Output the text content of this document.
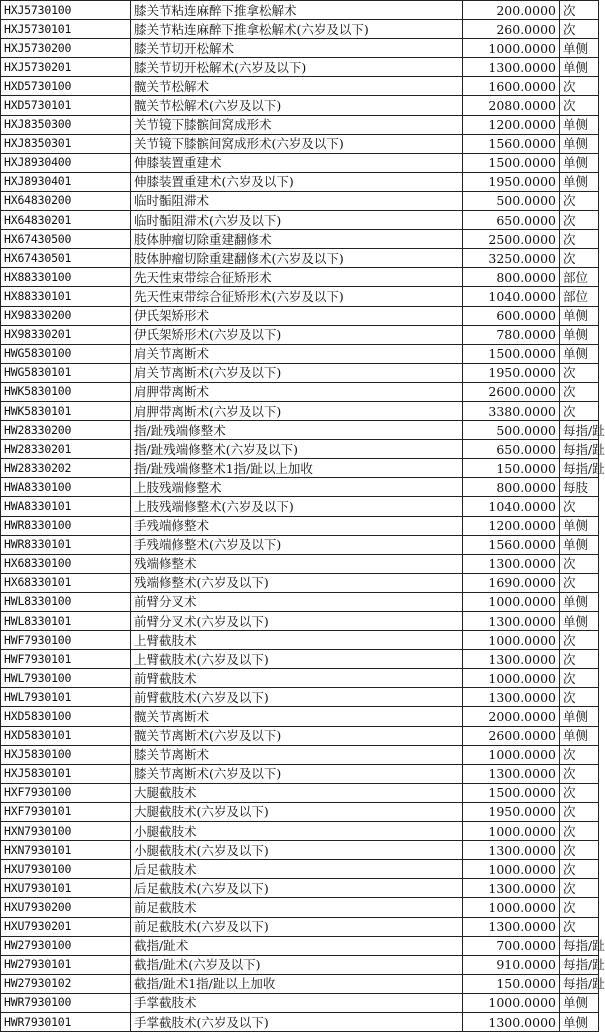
HXJ5730100	膝关节粘连麻醉下推拿松解术	200.0000	次
HXJ5730101	膝关节粘连麻醉下推拿松解术(六岁及以下)	260.0000	次
HXJ5730200	膝关节切开松解术	1000.0000	单侧
HXJ5730201	膝关节切开松解术(六岁及以下)	1300.0000	单侧
HXD5730100	髋关节松解术	1600.0000	次
HXD5730101	髋关节松解术(六岁及以下)	2080.0000	次
HXJ8350300	关节镜下膝髌间窝成形术	1200.0000	单侧
HXJ8350301	关节镜下膝髌间窝成形术(六岁及以下)	1560.0000	单侧
HXJ8930400	伸膝装置重建术	1500.0000	单侧
HXJ8930401	伸膝装置重建术(六岁及以下)	1950.0000	单侧
HX64830200	临时骺阻滞术	500.0000	次
HX64830201	临时骺阻滞术(六岁及以下)	650.0000	次
HX67430500	肢体肿瘤切除重建翻修术	2500.0000	次
HX67430501	肢体肿瘤切除重建翻修术(六岁及以下)	3250.0000	次
HX88330100	先天性束带综合征矫形术	800.0000	部位
HX88330101	先天性束带综合征矫形术(六岁及以下)	1040.0000	部位
HX98330200	伊氏架矫形术	600.0000	单侧
HX98330201	伊氏架矫形术(六岁及以下)	780.0000	单侧
HWG5830100	肩关节离断术	1500.0000	单侧
HWG5830101	肩关节离断术(六岁及以下)	1950.0000	次
HWK5830100	肩胛带离断术	2600.0000	次
HWK5830101	肩胛带离断术(六岁及以下)	3380.0000	次
HW28330200	指/趾残端修整术	500.0000	每指/趾
HW28330201	指/趾残端修整术(六岁及以下)	650.0000	每指/趾
HW28330202	指/趾残端修整术1指/趾以上加收	150.0000	每指/趾
HWA8330100	上肢残端修整术	800.0000	每肢
HWA8330101	上肢残端修整术(六岁及以下)	1040.0000	次
HWR8330100	手残端修整术	1200.0000	单侧
HWR8330101	手残端修整术(六岁及以下)	1560.0000	单侧
HX68330100	残端修整术	1300.0000	次
HX68330101	残端修整术(六岁及以下)	1690.0000	次
HWL8330100	前臂分叉术	1000.0000	单侧
HWL8330101	前臂分叉术(六岁及以下)	1300.0000	单侧
HWF7930100	上臂截肢术	1000.0000	次
HWF7930101	上臂截肢术(六岁及以下)	1300.0000	次
HWL7930100	前臂截肢术	1000.0000	次
HWL7930101	前臂截肢术(六岁及以下)	1300.0000	次
HXD5830100	髋关节离断术	2000.0000	单侧
HXD5830101	髋关节离断术(六岁及以下)	2600.0000	单侧
HXJ5830100	膝关节离断术	1000.0000	次
HXJ5830101	膝关节离断术(六岁及以下)	1300.0000	次
HXF7930100	大腿截肢术	1500.0000	次
HXF7930101	大腿截肢术(六岁及以下)	1950.0000	次
HXN7930100	小腿截肢术	1000.0000	次
HXN7930101	小腿截肢术(六岁及以下)	1300.0000	次
HXU7930100	后足截肢术	1000.0000	次
HXU7930101	后足截肢术(六岁及以下)	1300.0000	次
HXU7930200	前足截肢术	1000.0000	次
HXU7930201	前足截肢术(六岁及以下)	1300.0000	次
HW27930100	截指/趾术	700.0000	每指/趾
HW27930101	截指/趾术(六岁及以下)	910.0000	每指/趾
HW27930102	截指/趾术1指/趾以上加收	150.0000	每指/趾
HWR7930100	手掌截肢术	1000.0000	单侧
HWR7930101	手掌截肢术(六岁及以下)	1300.0000	单侧
